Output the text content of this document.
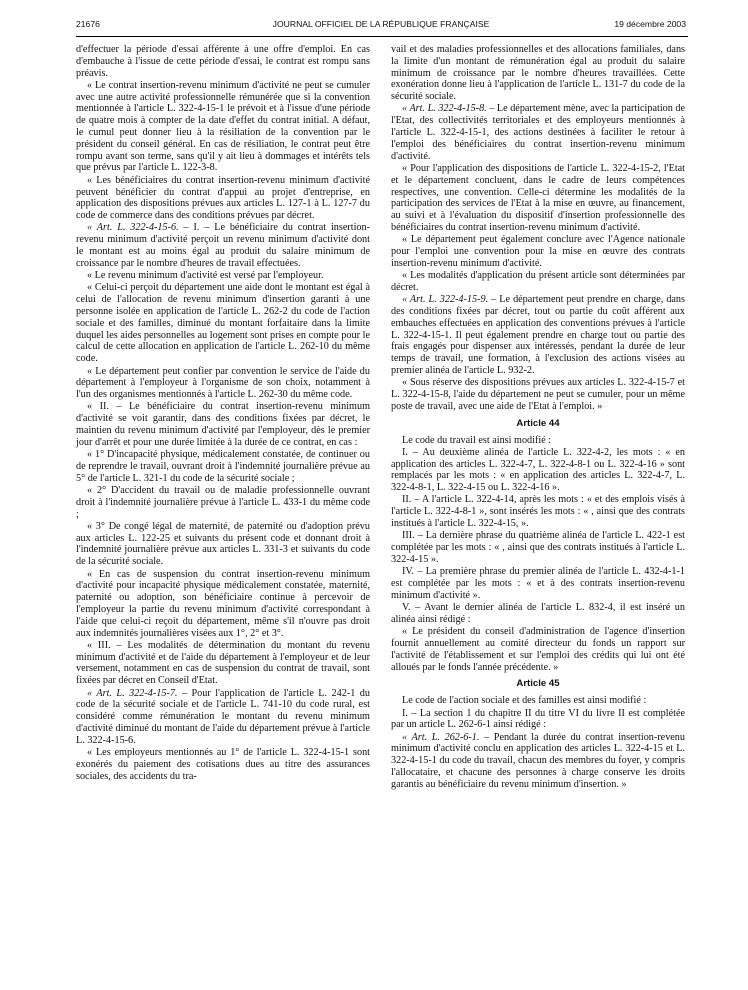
21676	JOURNAL OFFICIEL DE LA RÉPUBLIQUE FRANÇAISE	19 décembre 2003

d'effectuer la période d'essai afférente à une offre d'emploi. En cas d'embauche à l'issue de cette période d'essai, le contrat est rompu sans préavis.

« Le contrat insertion-revenu minimum d'activité ne peut se cumuler avec une autre activité professionnelle rémunérée que si la convention mentionnée à l'article L. 322-4-15-1 le prévoit et à l'issue d'une période de quatre mois à compter de la date d'effet du contrat initial. A défaut, le cumul peut donner lieu à la résiliation de la convention par le président du conseil général. En cas de résiliation, le contrat peut être rompu avant son terme, sans qu'il y ait lieu à dommages et intérêts tels que prévus par l'article L. 122-3-8.

« Les bénéficiaires du contrat insertion-revenu minimum d'activité peuvent bénéficier du contrat d'appui au projet d'entreprise, en application des dispositions prévues aux articles L. 127-1 à L. 127-7 du code de commerce dans des conditions prévues par décret.

« Art. L. 322-4-15-6. – I. – Le bénéficiaire du contrat insertion-revenu minimum d'activité perçoit un revenu minimum d'activité dont le montant est au moins égal au produit du salaire minimum de croissance par le nombre d'heures de travail effectuées.

« Le revenu minimum d'activité est versé par l'employeur.

« Celui-ci perçoit du département une aide dont le montant est égal à celui de l'allocation de revenu minimum d'insertion garanti à une personne isolée en application de l'article L. 262-2 du code de l'action sociale et des familles, diminué du montant forfaitaire dans la limite duquel les aides personnelles au logement sont prises en compte pour le calcul de cette allocation en application de l'article L. 262-10 du même code.

« Le département peut confier par convention le service de l'aide du département à l'employeur à l'organisme de son choix, notamment à l'un des organismes mentionnés à l'article L. 262-30 du même code.

« II. – Le bénéficiaire du contrat insertion-revenu minimum d'activité se voit garantir, dans des conditions fixées par décret, le maintien du revenu minimum d'activité par l'employeur, dès le premier jour d'arrêt et pour une durée limitée à la durée de ce contrat, en cas :

« 1° D'incapacité physique, médicalement constatée, de continuer ou de reprendre le travail, ouvrant droit à l'indemnité journalière prévue au 5° de l'article L. 321-1 du code de la sécurité sociale ;

« 2° D'accident du travail ou de maladie professionnelle ouvrant droit à l'indemnité journalière prévue à l'article L. 433-1 du même code ;

« 3° De congé légal de maternité, de paternité ou d'adoption prévu aux articles L. 122-25 et suivants du présent code et donnant droit à l'indemnité journalière prévue aux articles L. 331-3 et suivants du code de la sécurité sociale.

« En cas de suspension du contrat insertion-revenu minimum d'activité pour incapacité physique médicalement constatée, maternité, paternité ou adoption, son bénéficiaire continue à percevoir de l'employeur la partie du revenu minimum d'activité correspondant à l'aide que celui-ci reçoit du département, même s'il n'ouvre pas droit aux indemnités journalières visées aux 1°, 2° et 3°.

« III. – Les modalités de détermination du montant du revenu minimum d'activité et de l'aide du département à l'employeur et de leur versement, notamment en cas de suspension du contrat de travail, sont fixées par décret en Conseil d'Etat.

« Art. L. 322-4-15-7. – Pour l'application de l'article L. 242-1 du code de la sécurité sociale et de l'article L. 741-10 du code rural, est considéré comme rémunération le montant du revenu minimum d'activité diminué du montant de l'aide du département prévue à l'article L. 322-4-15-6.

« Les employeurs mentionnés au 1° de l'article L. 322-4-15-1 sont exonérés du paiement des cotisations dues au titre des assurances sociales, des accidents du tra-

vail et des maladies professionnelles et des allocations familiales, dans la limite d'un montant de rémunération égal au produit du salaire minimum de croissance par le nombre d'heures travaillées. Cette exonération donne lieu à l'application de l'article L. 131-7 du code de la sécurité sociale.

« Art. L. 322-4-15-8. – Le département mène, avec la participation de l'Etat, des collectivités territoriales et des employeurs mentionnés à l'article L. 322-4-15-1, des actions destinées à faciliter le retour à l'emploi des bénéficiaires du contrat insertion-revenu minimum d'activité.

« Pour l'application des dispositions de l'article L. 322-4-15-2, l'Etat et le département concluent, dans le cadre de leurs compétences respectives, une convention. Celle-ci détermine les modalités de la participation des services de l'Etat à la mise en œuvre, au financement, au suivi et à l'évaluation du dispositif d'insertion professionnelle des bénéficiaires du contrat insertion-revenu minimum d'activité.

« Le département peut également conclure avec l'Agence nationale pour l'emploi une convention pour la mise en œuvre des contrats insertion-revenu minimum d'activité.

« Les modalités d'application du présent article sont déterminées par décret.

« Art. L. 322-4-15-9. – Le département peut prendre en charge, dans des conditions fixées par décret, tout ou partie du coût afférent aux embauches effectuées en application des conventions prévues à l'article L. 322-4-15-1. Il peut également prendre en charge tout ou partie des frais engagés pour dispenser aux intéressés, pendant la durée de leur temps de travail, une formation, à l'exclusion des actions visées au premier alinéa de l'article L. 932-2.

« Sous réserve des dispositions prévues aux articles L. 322-4-15-7 et L. 322-4-15-8, l'aide du département ne peut se cumuler, pour un même poste de travail, avec une aide de l'Etat à l'emploi. »

Article 44

Le code du travail est ainsi modifié :

I. – Au deuxième alinéa de l'article L. 322-4-2, les mots : « en application des articles L. 322-4-7, L. 322-4-8-1 ou L. 322-4-16 » sont remplacés par les mots : « en application des articles L. 322-4-7, L. 322-4-8-1, L. 322-4-15 ou L. 322-4-16 ».

II. – A l'article L. 322-4-14, après les mots : « et des emplois visés à l'article L. 322-4-8-1 », sont insérés les mots : « , ainsi que des contrats institués à l'article L. 322-4-15, ».

III. – La dernière phrase du quatrième alinéa de l'article L. 422-1 est complétée par les mots : « , ainsi que des contrats institués à l'article L. 322-4-15 ».

IV. – La première phrase du premier alinéa de l'article L. 432-4-1-1 est complétée par les mots : « et à des contrats insertion-revenu minimum d'activité ».

V. – Avant le dernier alinéa de l'article L. 832-4, il est inséré un alinéa ainsi rédigé :

« Le président du conseil d'administration de l'agence d'insertion fournit annuellement au comité directeur du fonds un rapport sur l'activité de l'établissement et sur l'emploi des crédits qui lui ont été alloués par le fonds l'année précédente. »

Article 45

Le code de l'action sociale et des familles est ainsi modifié :

I. – La section 1 du chapitre II du titre VI du livre II est complétée par un article L. 262-6-1 ainsi rédigé :

« Art. L. 262-6-1. – Pendant la durée du contrat insertion-revenu minimum d'activité conclu en application des articles L. 322-4-15 et L. 322-4-15-1 du code du travail, chacun des membres du foyer, y compris l'allocataire, et chacune des personnes à charge conserve les droits garantis au bénéficiaire du revenu minimum d'insertion. »
